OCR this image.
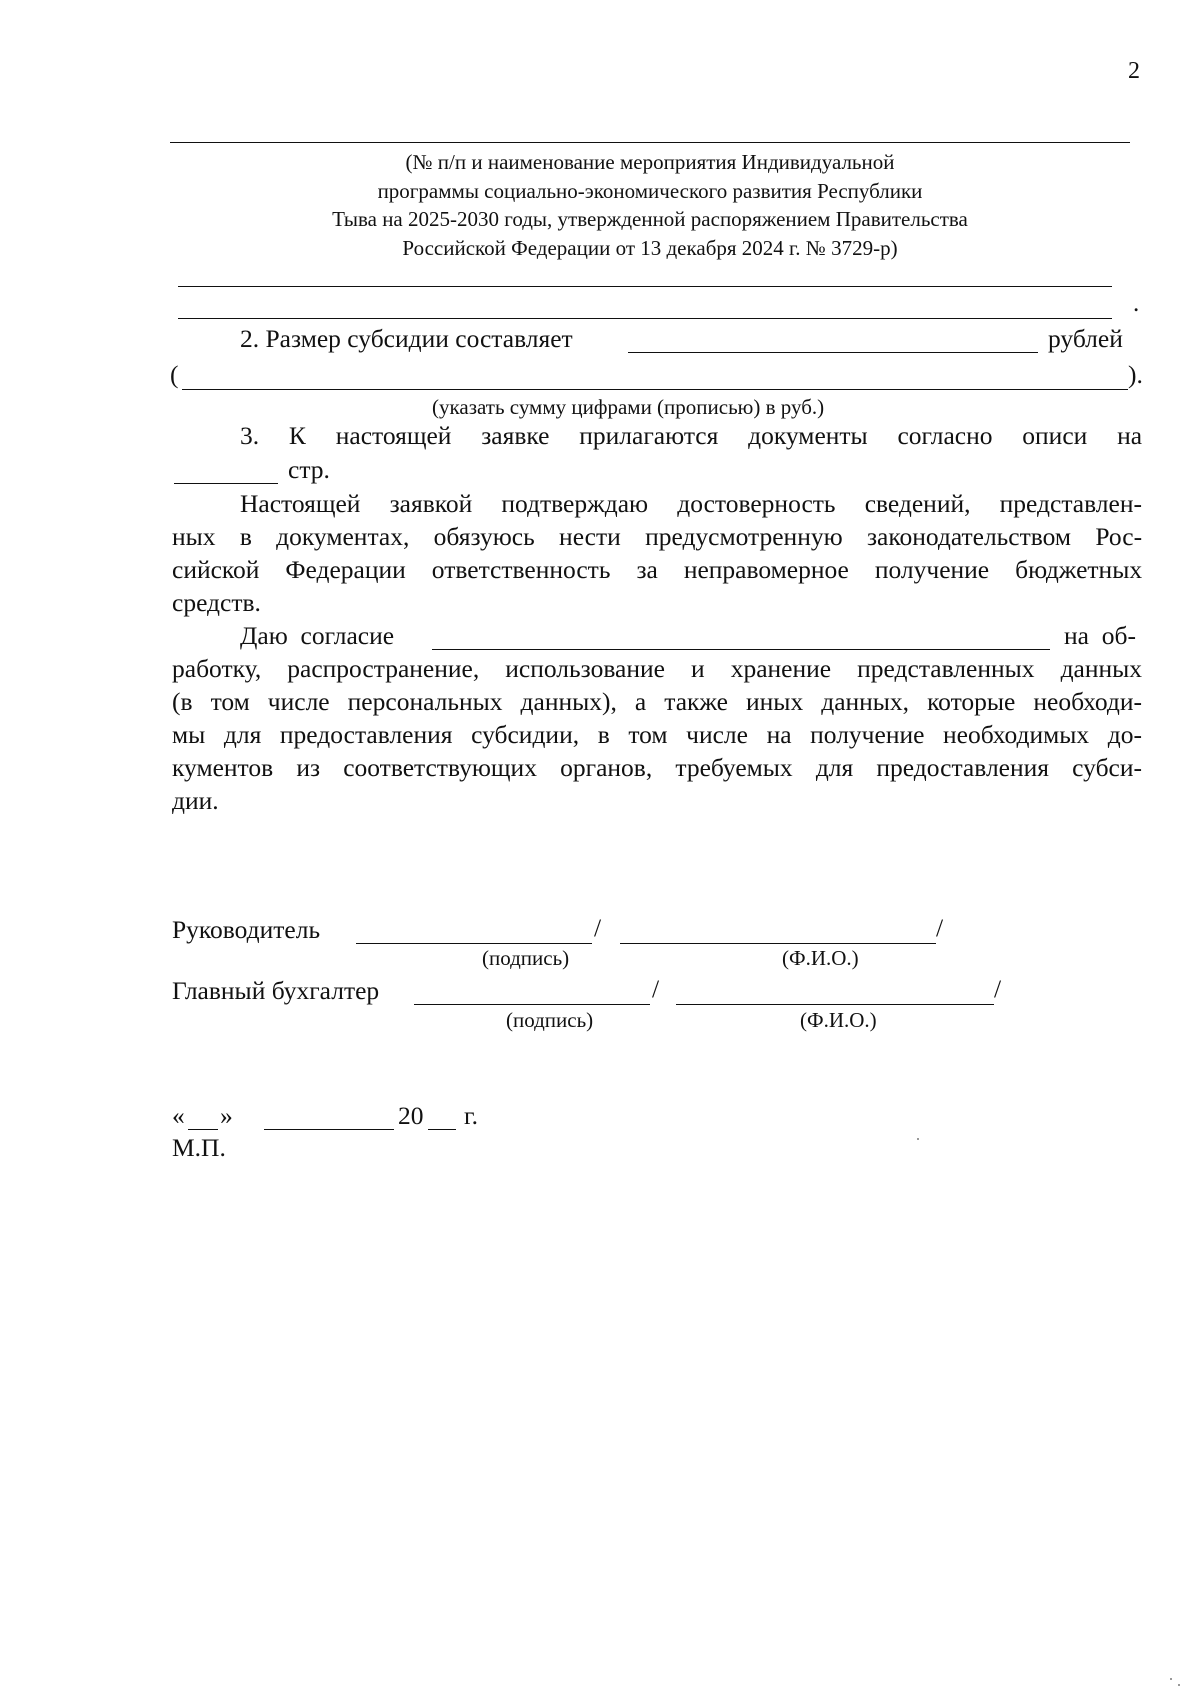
2
(№ п/п и наименование мероприятия Индивидуальной
программы социально-экономического развития Республики
Тыва на 2025-2030 годы, утвержденной распоряжением Правительства
Российской Федерации от 13 декабря 2024 г. № 3729-р)
.
2. Размер субсидии составляет	рублей
(	).
(указать сумму цифрами (прописью) в руб.)
3. К настоящей заявке прилагаются документы согласно описи на
стр.
Настоящей заявкой подтверждаю достоверность сведений, представлен-
ных в документах, обязуюсь нести предусмотренную законодательством Рос-
сийской Федерации ответственность за неправомерное получение бюджетных
средств.
Даю  согласие	на  об-
работку, распространение, использование и хранение представленных данных
(в том числе персональных данных), а также иных данных, которые необходи-
мы для предоставления субсидии, в том числе на получение необходимых до-
кументов из соответствующих органов, требуемых для предоставления субси-
дии.
Руководитель	/	/
(подпись)	(Ф.И.О.)
Главный бухгалтер	/	/
(подпись)	(Ф.И.О.)
« »	20 г.
М.П.
